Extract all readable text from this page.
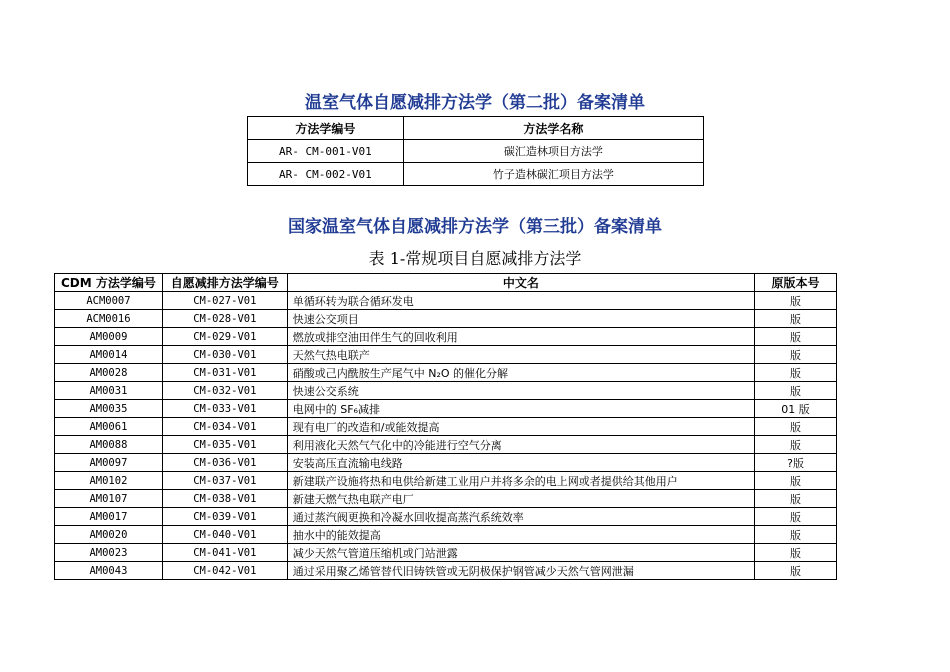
温室气体自愿减排方法学（第二批）备案清单
方法学编号	方法学名称
AR- CM-001-V01	碳汇造林项目方法学
AR- CM-002-V01	竹子造林碳汇项目方法学
国家温室气体自愿减排方法学（第三批）备案清单
表 1-常规项目自愿减排方法学
CDM 方法学编号	自愿减排方法学编号	中文名	原版本号
ACM0007	CM-027-V01	单循环转为联合循环发电	版
ACM0016	CM-028-V01	快速公交项目	版
AM0009	CM-029-V01	燃放或排空油田伴生气的回收利用	版
AM0014	CM-030-V01	天然气热电联产	版
AM0028	CM-031-V01	硝酸或己内酰胺生产尾气中 N₂O 的催化分解	版
AM0031	CM-032-V01	快速公交系统	版
AM0035	CM-033-V01	电网中的 SF₆减排	01 版
AM0061	CM-034-V01	现有电厂的改造和/或能效提高	版
AM0088	CM-035-V01	利用液化天然气气化中的冷能进行空气分离	版
AM0097	CM-036-V01	安装高压直流输电线路	?版
AM0102	CM-037-V01	新建联产设施将热和电供给新建工业用户并将多余的电上网或者提供给其他用户	版
AM0107	CM-038-V01	新建天燃气热电联产电厂	版
AM0017	CM-039-V01	通过蒸汽阀更换和冷凝水回收提高蒸汽系统效率	版
AM0020	CM-040-V01	抽水中的能效提高	版
AM0023	CM-041-V01	减少天然气管道压缩机或门站泄露	版
AM0043	CM-042-V01	通过采用聚乙烯管替代旧铸铁管或无阴极保护钢管减少天然气管网泄漏	版
